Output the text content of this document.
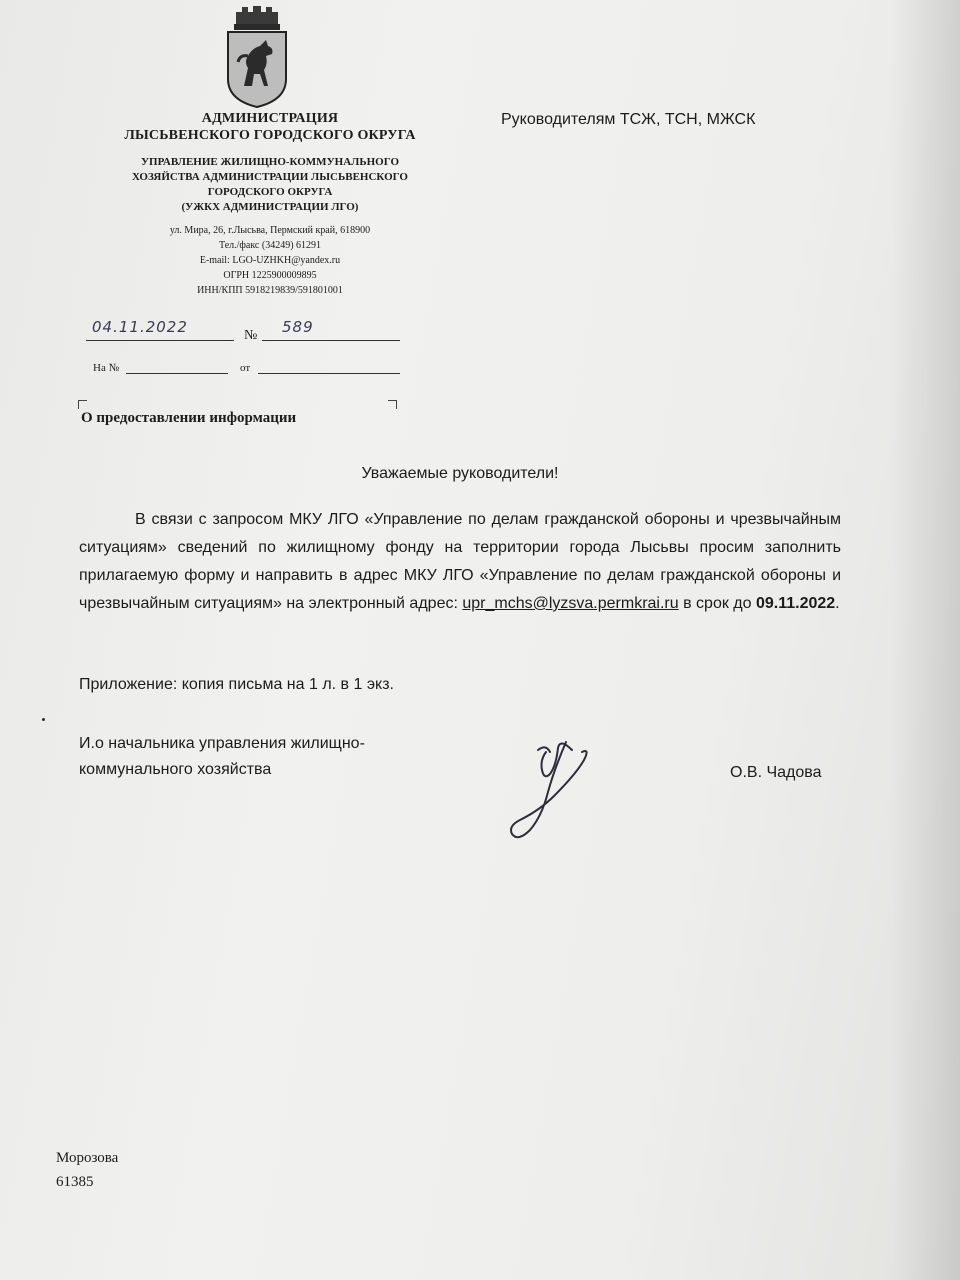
АДМИНИСТРАЦИЯ
ЛЫСЬВЕНСКОГО ГОРОДСКОГО ОКРУГА
УПРАВЛЕНИЕ ЖИЛИЩНО-КОММУНАЛЬНОГО
ХОЗЯЙСТВА АДМИНИСТРАЦИИ ЛЫСЬВЕНСКОГО
ГОРОДСКОГО ОКРУГА
(УЖКХ АДМИНИСТРАЦИИ ЛГО)
ул. Мира, 26, г.Лысьва, Пермский край, 618900
Тел./факс (34249) 61291
E-mail: LGO-UZHKH@yandex.ru
ОГРН 1225900009895
ИНН/КПП 5918219839/591801001
Руководителям ТСЖ, ТСН, МЖСК
04.11.2022	№ 589
На №	от
О предоставлении информации
Уважаемые руководители!
В связи с запросом МКУ ЛГО «Управление по делам гражданской обороны и чрезвычайным ситуациям» сведений по жилищному фонду на территории города Лысьвы просим заполнить прилагаемую форму и направить в адрес МКУ ЛГО «Управление по делам гражданской обороны и чрезвычайным ситуациям» на электронный адрес: upr_mchs@lyzsva.permkrai.ru в срок до 09.11.2022.
Приложение: копия письма на 1 л. в 1 экз.
И.о начальника управления жилищно-
коммунального хозяйства	О.В. Чадова
Морозова
61385
